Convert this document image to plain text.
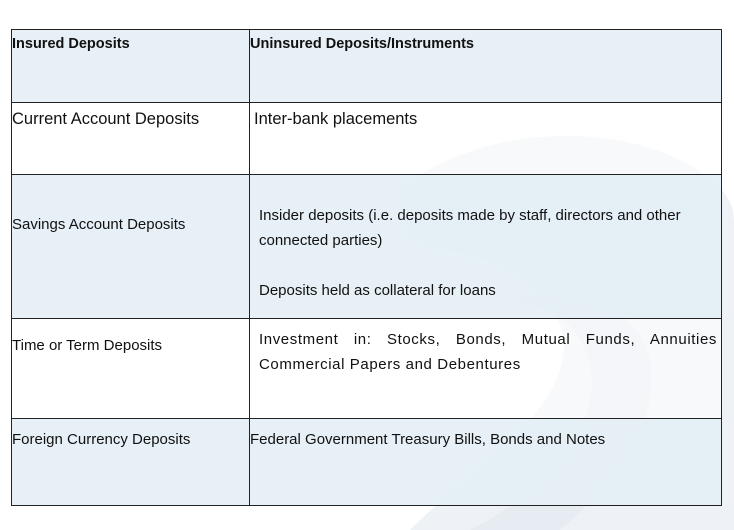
Insured Deposits	Uninsured Deposits/Instruments

Current Account Deposits	Inter-bank placements

Savings Account Deposits	Insider deposits (i.e. deposits made by staff, directors and other connected parties)
Deposits held as collateral for loans

Time or Term Deposits	Investment in: Stocks, Bonds, Mutual Funds, Annuities Commercial Papers and Debentures

Foreign Currency Deposits	Federal Government Treasury Bills, Bonds and Notes
